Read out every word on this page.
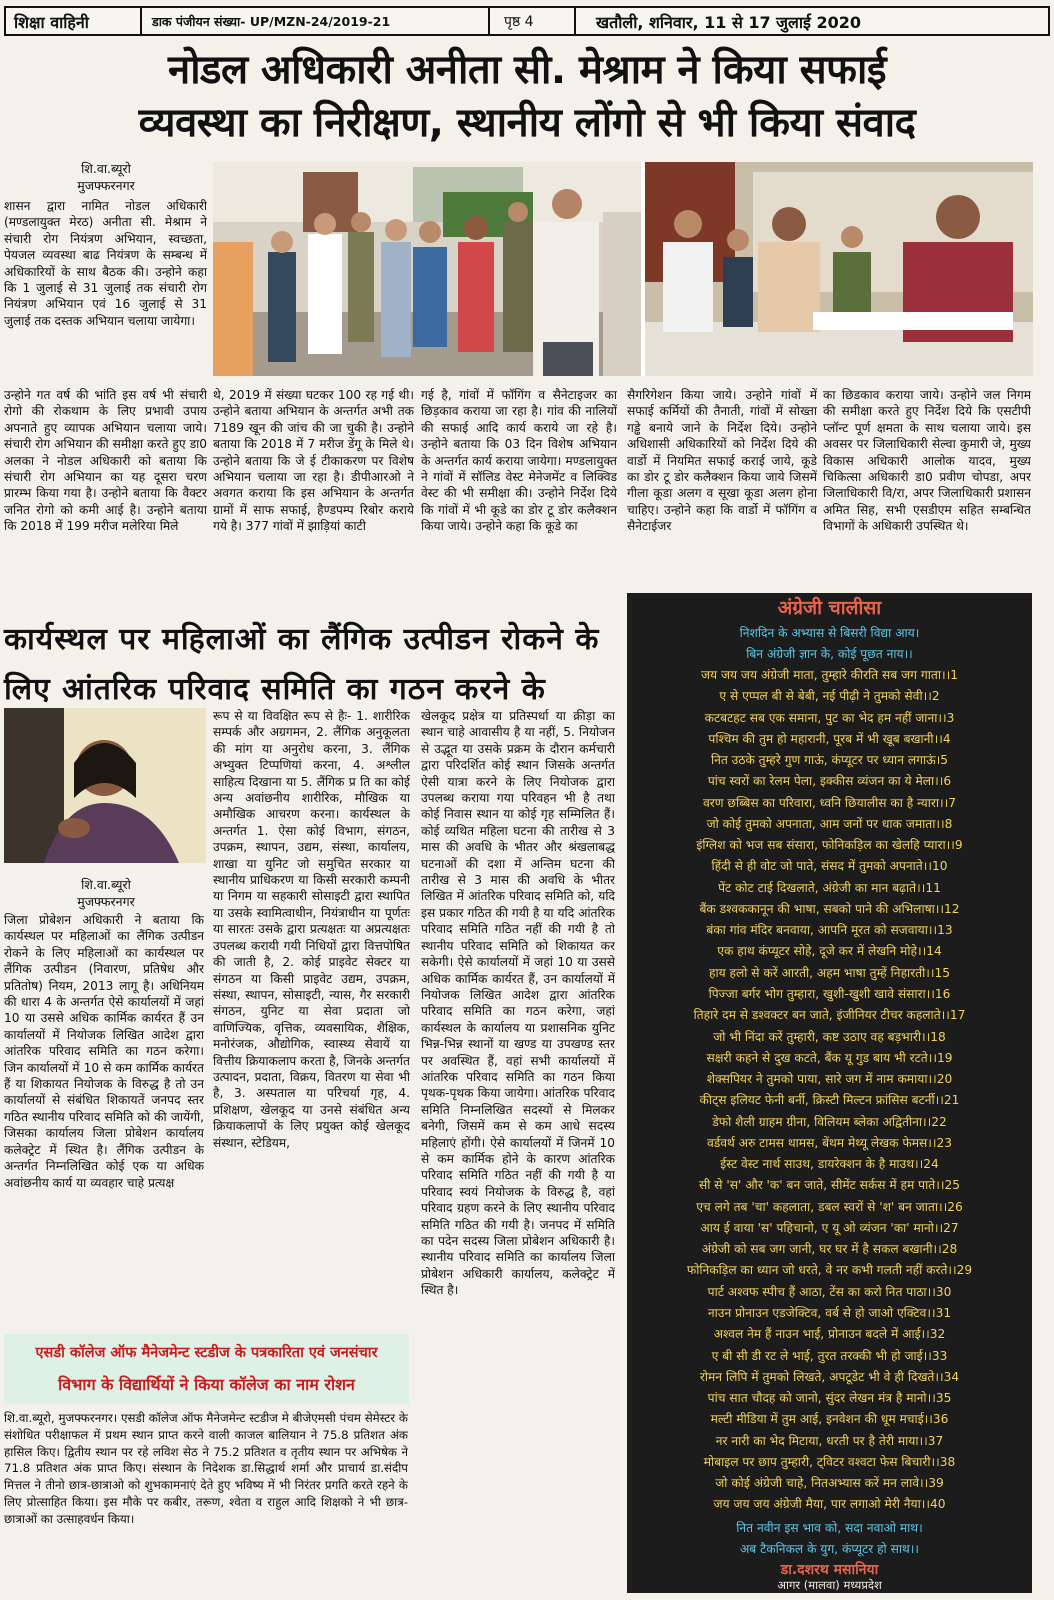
शिक्षा वाहिनी	डाक पंजीयन संख्या- UP/MZN-24/2019-21	पृष्ठ 4	खतौली, शनिवार, 11 से 17 जुलाई 2020
नोडल अधिकारी अनीता सी. मेश्राम ने किया सफाई
व्यवस्था का निरीक्षण, स्थानीय लोंगो से भी किया संवाद
शि.वा.ब्यूरो
मुजफ्फरनगर
शासन द्वारा नामित नोडल अधिकारी (मण्डलायुक्त मेरठ) अनीता सी. मेश्राम ने संचारी रोग नियंत्रण अभियान, स्वच्छता, पेयजल व्यवस्था बाढ नियंत्रण के सम्बन्ध में अधिकारियों के साथ बैठक की। उन्होने कहा कि 1 जुलाई से 31 जुलाई तक संचारी रोग नियंत्रण अभियान एवं 16 जुलाई से 31 जुलाई तक दस्तक अभियान चलाया जायेगा।
उन्होने गत वर्ष की भांति इस वर्ष भी संचारी रोगो की रोकथाम के लिए प्रभावी उपाय अपनाते हुए व्यापक अभियान चलाया जाये। संचारी रोग अभियान की समीक्षा करते हुए डा0 अलका ने नोडल अधिकारी को बताया कि संचारी रोग अभियान का यह दूसरा चरण प्रारम्भ किया गया है। उन्होने बताया कि वैक्टर जनित रोगो को कमी आई है। उन्होने बताया कि 2018 में 199 मरीज मलेरिया मिले
थे, 2019 में संख्या घटकर 100 रह गई थी। उन्होने बताया अभियान के अन्तर्गत अभी तक 7189 खून की जांच की जा चुकी है। उन्होने बताया कि 2018 में 7 मरीज डेंगू के मिले थे। उन्होने बताया कि जे ई टीकाकरण पर विशेष अभियान चलाया जा रहा है। डीपीआरओ ने अवगत कराया कि इस अभियान के अन्तर्गत ग्रामों में साफ सफाई, हैण्डपम्प रिबोर कराये गये है। 377 गांवों में झाड़ियां काटी
गई है, गांवों में फॉगिंग व सैनेटाइजर का छिड़काव कराया जा रहा है। गांव की नालियों की सफाई आदि कार्य कराये जा रहे है। उन्होने बताया कि 03 दिन विशेष अभियान के अन्तर्गत कार्य कराया जायेगा। मण्डलायुक्त ने गांवों में सॉलिड वेस्ट मेनेजमेंट व लिक्विड वेस्ट की भी समीक्षा की। उन्होने निर्देश दिये कि गांवों में भी कूडे का डोर टू डोर कलैक्शन किया जाये। उन्होने कहा कि कूडे का
सैगरिगेशन किया जाये। उन्होने गांवों में सफाई कर्मियों की तैनाती, गांवों में सोख्ता गड्ढे बनाये जाने के निर्देश दिये। उन्होने अधिशासी अधिकारियों को निर्देश दिये की वार्डो में नियमित सफाई कराई जाये, कूडे का डोर टू डोर कलैक्शन किया जाये जिसमें गीला कूडा अलग व सूखा कूडा अलग होना चाहिए। उन्होने कहा कि वार्डो में फॉगिंग व सैनेटाईजर
का छिडकाव कराया जाये। उन्होने जल निगम की समीक्षा करते हुए निर्देश दिये कि एसटीपी प्लॉन्ट पूर्ण क्षमता के साथ चलाया जाये। इस अवसर पर जिलाधिकारी सेल्वा कुमारी जे, मुख्य विकास अधिकारी आलोक यादव, मुख्य चिकित्सा अधिकारी डा0 प्रवीण चोपडा, अपर जिलाधिकारी वि/रा, अपर जिलाधिकारी प्रशासन अमित सिह, सभी एसडीएम सहित सम्बन्धित विभागों के अधिकारी उपस्थित थे।
कार्यस्थल पर महिलाओं का लैंगिक उत्पीडन रोकने के
लिए आंतरिक परिवाद समिति का गठन करने के
शि.वा.ब्यूरो
मुजफ्फरनगर
जिला प्रोबेशन अधिकारी ने बताया कि कार्यस्थल पर महिलाओं का लैंगिक उत्पीडन रोकने के लिए महिलाओं का कार्यस्थल पर लैंगिक उत्पीडन (निवारण, प्रतिषेध और प्रतितोष) नियम, 2013 लागू है। अधिनियम की धारा 4 के अन्तर्गत ऐसे कार्यालयों में जहां 10 या उससे अधिक कार्मिक कार्यरत हैं उन कार्यालयों में नियोजक लिखित आदेश द्वारा आंतरिक परिवाद समिति का गठन करेगा। जिन कार्यालयों में 10 से कम कार्मिक कार्यरत हैं या शिकायत नियोजक के विरुद्ध है तो उन कार्यालयों से संबंधित शिकायतें जनपद स्तर गठित स्थानीय परिवाद समिति को की जायेंगी, जिसका कार्यालय जिला प्रोबेशन कार्यालय कलेक्ट्रेट में स्थित है। लैंगिक उत्पीडन के अन्तर्गत निम्नलिखित कोई एक या अधिक अवांछनीय कार्य या व्यवहार चाहे प्रत्यक्ष
रूप से या विवक्षित रूप से हैः- 1. शारीरिक सम्पर्क और अग्रगमन, 2. लैंगिक अनुकूलता की मांग या अनुरोध करना, 3. लैंगिक अभ्युक्त टिप्पणियां करना, 4. अश्लील साहित्य दिखाना या 5. लैंगिक प्र ति का कोई अन्य अवांछनीय शारीरिक, मौखिक या अमौखिक आचरण करना। कार्यस्थल के अन्तर्गत 1. ऐसा कोई विभाग, संगठन, उपक्रम, स्थापन, उद्यम, संस्था, कार्यालय, शाखा या युनिट जो समुचित सरकार या स्थानीय प्राधिकरण या किसी सरकारी कम्पनी या निगम या सहकारी सोसाइटी द्वारा स्थापित या उसके स्वामित्वाधीन, नियंत्राधीन या पूर्णतः या सारतः उसके द्वारा प्रत्यक्षतः या अप्रत्यक्षतः उपलब्ध करायी गयी निधियों द्वारा वित्तपोषित की जाती है, 2. कोई प्राइवेट सेक्टर या संगठन या किसी प्राइवेट उद्यम, उपक्रम, संस्था, स्थापन, सोसाइटी, न्यास, गैर सरकारी संगठन, युनिट या सेवा प्रदाता जो वाणिज्यिक, वृत्तिक, व्यवसायिक, शैक्षिक, मनोरंजक, औद्योगिक, स्वास्थ्य सेवायें या वित्तीय क्रियाकलाप करता है, जिनके अन्तर्गत उत्पादन, प्रदाता, विक्रय, वितरण या सेवा भी है, 3. अस्पताल या परिचर्या गृह, 4. प्रशिक्षण, खेलकूद या उनसे संबंधित अन्य क्रियाकलापों के लिए प्रयुक्त कोई खेलकूद संस्थान, स्टेडियम,
खेलकूद प्रक्षेत्र या प्रतिस्पर्धा या क्रीड़ा का स्थान चाहे आवासीय है या नहीं, 5. नियोजन से उद्भूत या उसके प्रक्रम के दौरान कर्मचारी द्वारा परिदर्शित कोई स्थान जिसके अन्तर्गत ऐसी यात्रा करने के लिए नियोजक द्वारा उपलब्ध कराया गया परिवहन भी है तथा कोई निवास स्थान या कोई गृह सम्मिलित हैं। कोई व्यथित महिला घटना की तारीख से 3 मास की अवधि के भीतर और श्रंखलाबद्ध घटनाओं की दशा में अन्तिम घटना की तारीख से 3 मास की अवधि के भीतर लिखित में आंतरिक परिवाद समिति को, यदि इस प्रकार गठित की गयी है या यदि आंतरिक परिवाद समिति गठित नहीं की गयी है तो स्थानीय परिवाद समिति को शिकायत कर सकेगी। ऐसे कार्यालयों में जहां 10 या उससे अधिक कार्मिक कार्यरत हैं, उन कार्यालयों में नियोजक लिखित आदेश द्वारा आंतरिक परिवाद समिति का गठन करेगा, जहां कार्यस्थल के कार्यालय या प्रशासनिक युनिट भिन्न-भिन्न स्थानों या खण्ड या उपखण्ड स्तर पर अवस्थित हैं, वहां सभी कार्यालयों में आंतरिक परिवाद समिति का गठन किया पृथक-पृथक किया जायेगा। आंतरिक परिवाद समिति निम्नलिखित सदस्यों से मिलकर बनेगी, जिसमें कम से कम आधे सदस्य महिलाएं होंगी। ऐसे कार्यालयों में जिनमें 10 से कम कार्मिक होने के कारण आंतरिक परिवाद समिति गठित नहीं की गयी है या परिवाद स्वयं नियोजक के विरुद्ध है, वहां परिवाद ग्रहण करने के लिए स्थानीय परिवाद समिति गठित की गयी है। जनपद में समिति का पदेन सदस्य जिला प्रोबेशन अधिकारी है। स्थानीय परिवाद समिति का कार्यालय जिला प्रोबेशन अधिकारी कार्यालय, कलेक्ट्रेट में स्थित है।
एसडी कॉलेज ऑफ मैनेजमेन्ट स्टडीज के पत्रकारिता एवं जनसंचार
विभाग के विद्यार्थियों ने किया कॉलेज का नाम रोशन
शि.वा.ब्यूरो, मुजफ्फरनगर। एसडी कॉलेज ऑफ मैनेजमेन्ट स्टडीज मे बीजेएमसी पंचम सेमेस्टर के संशोधित परीक्षाफल में प्रथम स्थान प्राप्त करने वाली काजल बालियान ने 75.8 प्रतिशत अंक हासिल किए। द्वितीय स्थान पर रहे लविश सेठ ने 75.2 प्रतिशत व तृतीय स्थान पर अभिषेक ने 71.8 प्रतिशत अंक प्राप्त किए। संस्थान के निदेशक डा.सिद्धार्थ शर्मा और प्राचार्य डा.संदीप मित्तल ने तीनो छात्र-छात्राओ को शुभकामनाएं देते हुए भविष्य में भी निरंतर प्रगति करते रहने के लिए प्रोत्साहित किया। इस मौके पर कबीर, तरूण, श्वेता व राहुल आदि शिक्षको ने भी छात्र-छात्राओं का उत्साहवर्धन किया।
अंग्रेजी चालीसा
निशदिन के अभ्यास से बिसरी विद्या आय।
बिन अंग्रेजी ज्ञान के, कोई पूछत नाय।।
जय जय जय अंग्रेजी माता, तुम्हारे कीरति सब जग गाता।।1
ए से एप्पल बी से बेबी, नई पीढ़ी ने तुमको सेवी।।2
कटबटहट सब एक समाना, पुट का भेद हम नहीं जाना।।3
पश्चिम की तुम हो महारानी, पूरब में भी खूब बखानी।।4
नित उठके तुम्हरे गुण गाऊं, कंप्यूटर पर ध्यान लगाऊं।5
पांच स्वरों का रेलम पेला, इक्कीस व्यंजन का ये मेला।।6
वरण छब्बिस का परिवारा, ध्वनि छियालीस का है न्यारा।।7
जो कोई तुमको अपनाता, आम जनों पर धाक जमाता।।8
इंग्लिश को भज सब संसारा, फोनिकड़िल का खेलहि प्यारा।।9
हिंदी से ही वोट जो पाते, संसद में तुमको अपनाते।।10
पेंट कोट टाई दिखलाते, अंग्रेजी का मान बढ़ाते।।11
बैंक डश्वककानून की भाषा, सबको पाने की अभिलाषा।।12
बंका गांव मंदिर बनवाया, आपनि मूरत को सजवाया।।13
एक हाथ कंप्यूटर सोहे, दूजे कर में लेखनि मोहे।।14
हाय हलो से करें आरती, अहम भाषा तुम्हें निहारती।।15
पिज्जा बर्गर भोग तुम्हारा, खुशी-खुशी खावे संसारा।।16
तिहारे दम से डश्वक्टर बन जाते, इंजीनियर टीचर कहलाते।।17
जो भी निंदा करें तुम्हारी, कष्ट उठाए वह बड़भारी।।18
सक्षरी कहने से दुख कटते, बैंक यू गुड बाय भी रटते।।19
शेक्सपियर ने तुमको पाया, सारे जग में नाम कमाया।।20
कीट्स इलियट फेनी बर्नी, क्रिस्टी मिल्टन फ्रांसिस बटर्नी।।21
डेफो शैली ग्राहम ग्रीना, विलियम ब्लेका अद्वितीना।।22
वर्डवर्थ अरु टामस थामस, बेंथम मेथ्यू लेखक फेमस।।23
ईस्ट वेस्ट नार्थ साउथ, डायरेक्शन के है माउथ।।24
सी से 'स' और 'क' बन जाते, सीमेंट सर्कस में हम पाते।।25
एच लगे तब 'चा' कहलाता, डबल स्वरों से 'श' बन जाता।।26
आय ई वाया 'स' पहिचानो, ए यू ओ व्यंजन 'का' मानो।।27
अंग्रेजी को सब जग जानी, घर घर में है सकल बखानी।।28
फोनिकड़िल का ध्यान जो धरते, वे नर कभी गलती नहीं करते।।29
पार्ट अश्वफ स्पीच हैं आठा, टेंस का करो नित पाठा।।30
नाउन प्रोनाउन एडजेक्टिव, वर्ब से हो जाओ एक्टिव।।31
अश्वल नेम हैं नाउन भाई, प्रोनाउन बदले में आई।।32
ए बी सी डी रट ले भाई, तुरत तरक्की भी हो जाई।।33
रोमन लिपि में तुमको लिखते, अपटूडेट भी वे ही दिखते।।34
पांच सात चौदह को जानो, सुंदर लेखन मंत्र है मानो।।35
मल्टी मीडिया में तुम आई, इनवेशन की धूम मचाई।।36
नर नारी का भेद मिटाया, धरती पर है तेरी माया।।37
मोबाइल पर छाप तुम्हारी, ट्विटर वश्वटा फेस बिचारी।।38
जो कोई अंग्रेजी चाहे, नितअभ्यास करें मन लावे।।39
जय जय जय अंग्रेजी मैया, पार लगाओ मेरी नैया।।40
नित नवीन इस भाव को, सदा नवाओ माथ।
अब टैकनिकल के युग, कंप्यूटर हो साथ।।
डा.दशरथ मसानिया
आगर (मालवा) मध्यप्रदेश
